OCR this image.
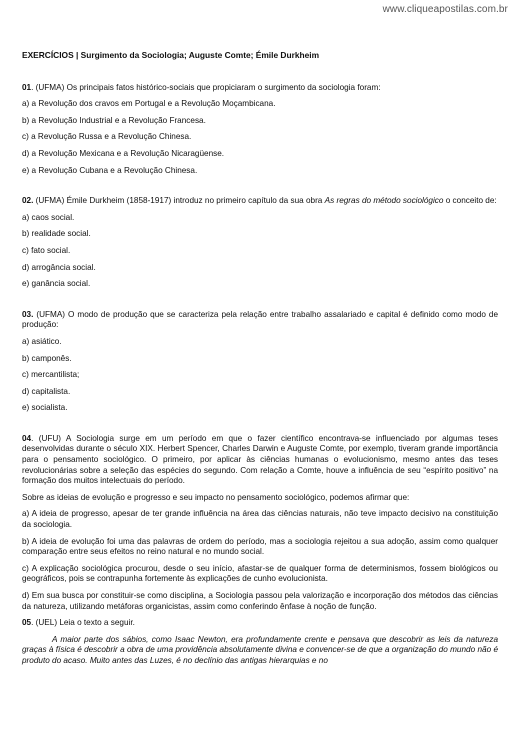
www.cliqueapostilas.com.br

EXERCÍCIOS | Surgimento da Sociologia; Auguste Comte; Émile Durkheim

01. (UFMA) Os principais fatos histórico-sociais que propiciaram o surgimento da sociologia foram:

a) a Revolução dos cravos em Portugal e a Revolução Moçambicana.

b) a Revolução Industrial e a Revolução Francesa.

c) a Revolução Russa e a Revolução Chinesa.

d) a Revolução Mexicana e a Revolução Nicaragüense.

e) a Revolução Cubana e a Revolução Chinesa.

02. (UFMA) Émile Durkheim (1858-1917) introduz no primeiro capítulo da sua obra As regras do método sociológico o conceito de:

a) caos social.

b) realidade social.

c) fato social.

d) arrogância social.

e) ganância social.

03. (UFMA) O modo de produção que se caracteriza pela relação entre trabalho assalariado e capital é definido como modo de produção:

a) asiático.

b) camponês.

c) mercantilista;

d) capitalista.

e) socialista.

04. (UFU) A Sociologia surge em um período em que o fazer científico encontrava-se influenciado por algumas teses desenvolvidas durante o século XIX. Herbert Spencer, Charles Darwin e Auguste Comte, por exemplo, tiveram grande importância para o pensamento sociológico. O primeiro, por aplicar às ciências humanas o evolucionismo, mesmo antes das teses revolucionárias sobre a seleção das espécies do segundo. Com relação a Comte, houve a influência de seu “espírito positivo” na formação dos muitos intelectuais do período.

Sobre as ideias de evolução e progresso e seu impacto no pensamento sociológico, podemos afirmar que:

a) A ideia de progresso, apesar de ter grande influência na área das ciências naturais, não teve impacto decisivo na constituição da sociologia.

b) A ideia de evolução foi uma das palavras de ordem do período, mas a sociologia rejeitou a sua adoção, assim como qualquer comparação entre seus efeitos no reino natural e no mundo social.

c) A explicação sociológica procurou, desde o seu início, afastar-se de qualquer forma de determinismos, fossem biológicos ou geográficos, pois se contrapunha fortemente às explicações de cunho evolucionista.

d) Em sua busca por constituir-se como disciplina, a Sociologia passou pela valorização e incorporação dos métodos das ciências da natureza, utilizando metáforas organicistas, assim como conferindo ênfase à noção de função.

05. (UEL) Leia o texto a seguir.

A maior parte dos sábios, como Isaac Newton, era profundamente crente e pensava que descobrir as leis da natureza graças à física é descobrir a obra de uma providência absolutamente divina e convencer-se de que a organização do mundo não é produto do acaso. Muito antes das Luzes, é no declínio das antigas hierarquias e no
